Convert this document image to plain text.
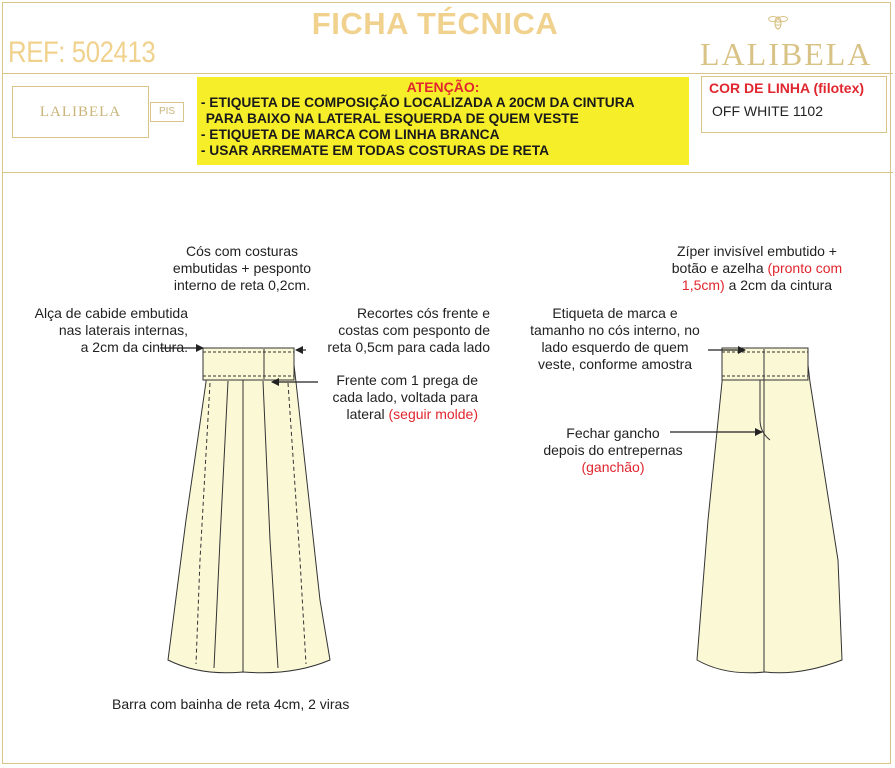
FICHA TÉCNICA
REF: 502413	LALIBELA
LALIBELA	PIS
ATENÇÃO:
- ETIQUETA DE COMPOSIÇÃO LOCALIZADA A 20CM DA CINTURA
PARA BAIXO NA LATERAL ESQUERDA DE QUEM VESTE
- ETIQUETA DE MARCA COM LINHA BRANCA
- USAR ARREMATE EM TODAS COSTURAS DE RETA
COR DE LINHA (filotex)
OFF WHITE 1102
Cós com costuras
embutidas + pesponto
interno de reta 0,2cm.
Alça de cabide embutida
nas laterais internas,
a 2cm da cintura.
Recortes cós frente e
costas com pesponto de
reta 0,5cm para cada lado
Frente com 1 prega de
cada lado, voltada para
lateral (seguir molde)
Barra com bainha de reta 4cm, 2 viras
Zíper invisível embutido +
botão e azelha (pronto com
1,5cm) a 2cm da cintura
Etiqueta de marca e
tamanho no cós interno, no
lado esquerdo de quem
veste, conforme amostra
Fechar gancho
depois do entrepernas
(ganchão)
